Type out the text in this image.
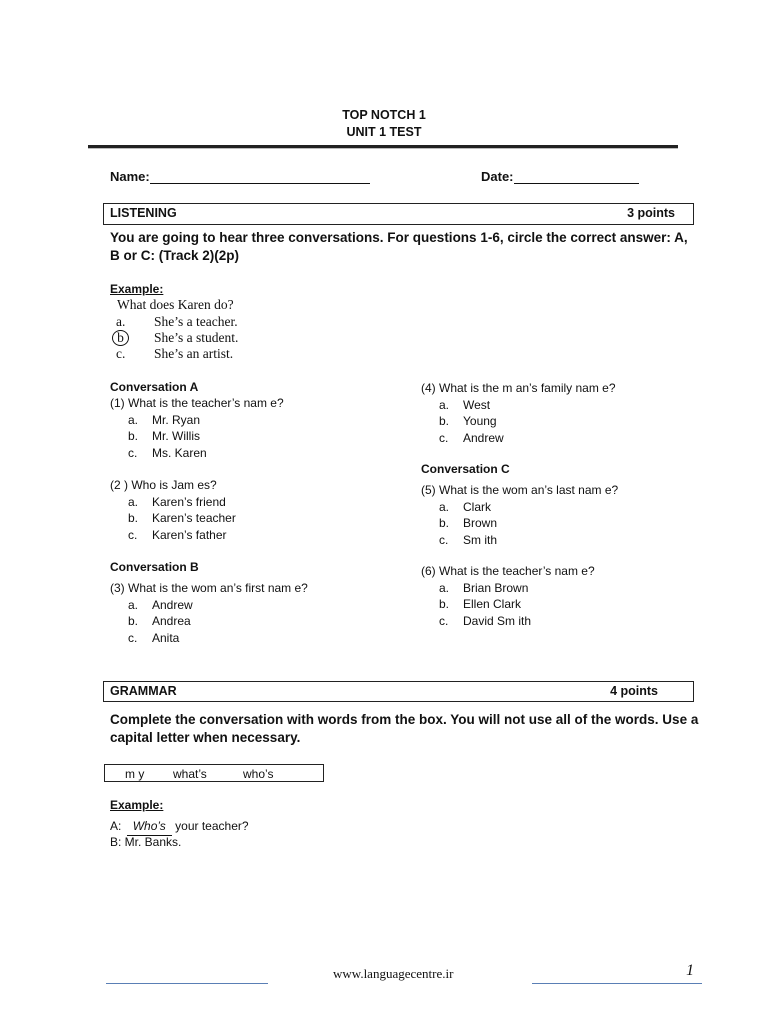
TOP NOTCH 1
UNIT 1 TEST
Name:	Date:
LISTENING	3 points
You are going to hear three conversations. For questions 1-6, circle the correct answer: A, B or C: (Track 2)(2p)
Example:
What does Karen do?
a. She’s a teacher.
b She’s a student.
c. She’s an artist.
Conversation A
(1) What is the teacher’s nam e?
a. Mr. Ryan
b. Mr. Willis
c. Ms. Karen
(2 ) Who is Jam es?
a. Karen’s friend
b. Karen’s teacher
c. Karen’s father
Conversation B
(3) What is the wom an’s first nam e?
a. Andrew
b. Andrea
c. Anita
(4) What is the m an’s family nam e?
a. West
b. Young
c. Andrew
Conversation C
(5) What is the wom an’s last nam e?
a. Clark
b. Brown
c. Sm ith
(6) What is the teacher’s nam e?
a. Brian Brown
b. Ellen Clark
c. David Sm ith
GRAMMAR	4 points
Complete the conversation with words from the box. You will not use all of the words. Use a capital letter when necessary.
m y what’s	who’s
Example:
A: Who’s your teacher?
B: Mr. Banks.
www.languagecentre.ir	1
